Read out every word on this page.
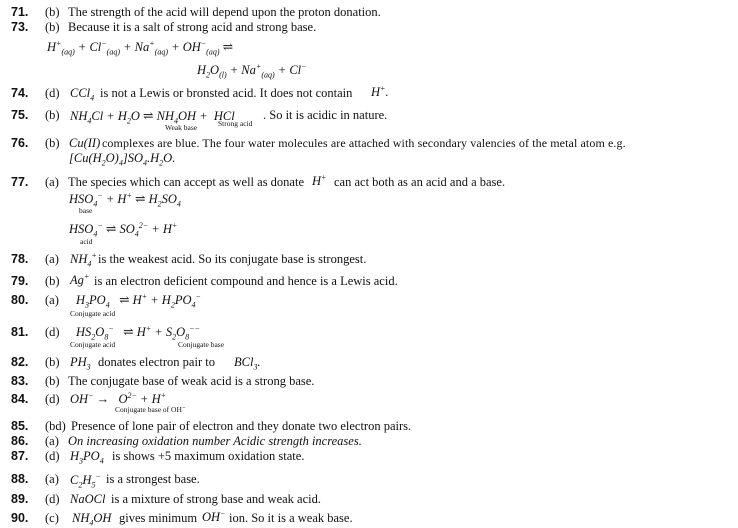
71. (b) The strength of the acid will depend upon the proton donation.
73. (b) Because it is a salt of strong acid and strong base.
$H^+_{(aq)} + Cl^-_{(aq)} + Na^+_{(aq)} + OH^-_{(aq)}$ ⇌
$H_2O_{(l)} + Na^+_{(aq)} + Cl^-$
74. (d) CCl$_4$ is not a Lewis or bronsted acid. It does not contain H+.
75. (b) $NH_4Cl + H_2O$ ⇌ $NH_4OH$ +  HCl . So it is acidic in nature.
Weak base	Strong acid
76. (b) Cu(II) complexes are blue. The four water molecules are attached with secondary valencies of the metal atom e.g.
$[Cu(H_2O)_4]SO_4.H_2O$.
77. (a) The species which can accept as well as donate H+ can act both as an acid and a base.
$HSO_4^- + H^+$ ⇌ $H_2SO_4$
base
$HSO_4^-$ ⇌ $SO_4^{2-} + H^+$
acid
78. (a) $NH_4^+$ is the weakest acid. So its conjugate base is strongest.
79. (b) Ag+ is an electron deficient compound and hence is a Lewis acid.
80. (a) $H_3PO_4$   ⇌ $H^+ + H_2PO_4^-$
Conjugate acid
81. (d) $HS_2O_8^-$   ⇌ $H^+ + S_2O_8^{--}$
Conjugate acid	Conjugate base
82. (b) $PH_3$ donates electron pair to BCl$_3$.
83. (b) The conjugate base of weak acid is a strong base.
84. (d) $OH^- \to O^{2-} + H^+$
Conjugate base of OH⁻
85. (bd) Presence of lone pair of electron and they donate two electron pairs.
86. (a) On increasing oxidation number Acidic strength increases.
87. (d) $H_3PO_4$ is shows +5 maximum oxidation state.
88. (a) $C_2H_5^-$ is a strongest base.
89. (d) NaOCl is a mixture of strong base and weak acid.
90. (c) $NH_4OH$ gives minimum OH− ion. So it is a weak base.
